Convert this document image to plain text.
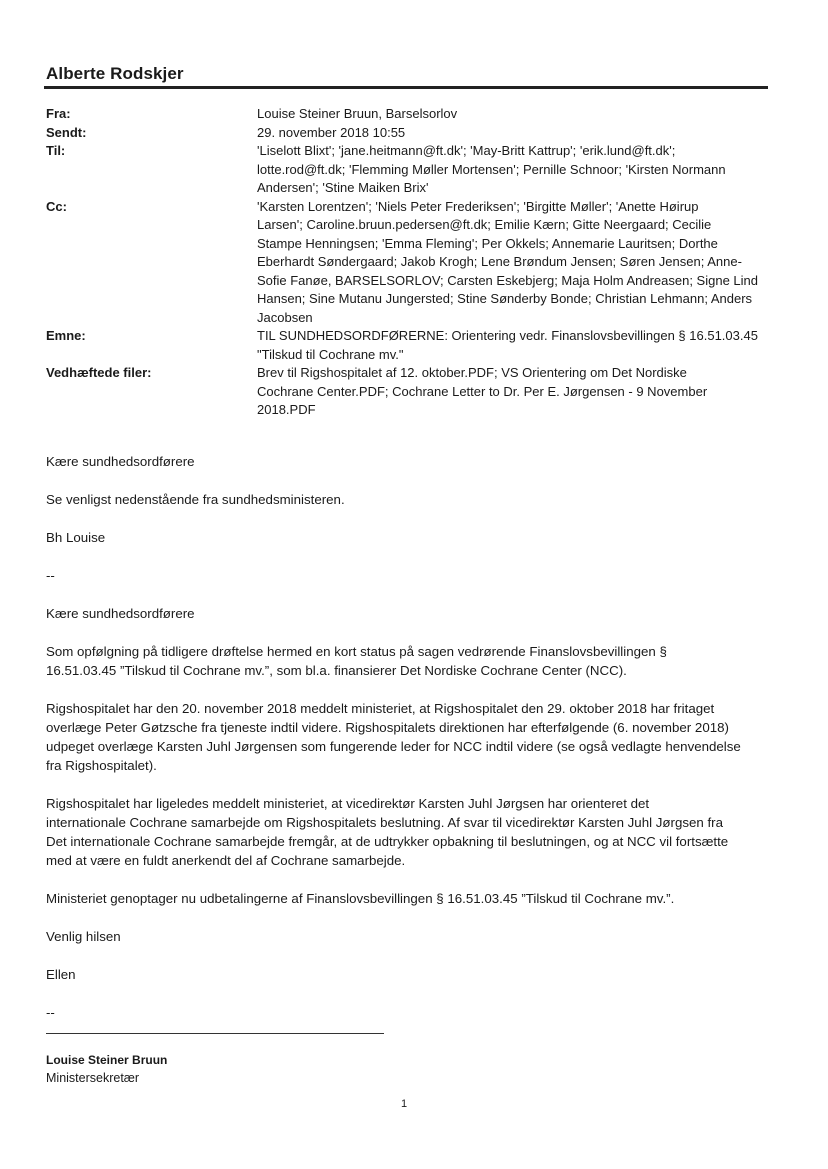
Alberte Rodskjer
Fra:	Louise Steiner Bruun, Barselsorlov
Sendt:	29. november 2018 10:55
Til:	'Liselott Blixt'; 'jane.heitmann@ft.dk'; 'May-Britt Kattrup'; 'erik.lund@ft.dk';
lotte.rod@ft.dk; 'Flemming Møller Mortensen'; Pernille Schnoor; 'Kirsten Normann
Andersen'; 'Stine Maiken Brix'
Cc:	'Karsten Lorentzen'; 'Niels Peter Frederiksen'; 'Birgitte Møller'; 'Anette Høirup
Larsen'; Caroline.bruun.pedersen@ft.dk; Emilie Kærn; Gitte Neergaard; Cecilie
Stampe Henningsen; 'Emma Fleming'; Per Okkels; Annemarie Lauritsen; Dorthe
Eberhardt Søndergaard; Jakob Krogh; Lene Brøndum Jensen; Søren Jensen; Anne-
Sofie Fanøe, BARSELSORLOV; Carsten Eskebjerg; Maja Holm Andreasen; Signe Lind
Hansen; Sine Mutanu Jungersted; Stine Sønderby Bonde; Christian Lehmann; Anders
Jacobsen
Emne:	TIL SUNDHEDSORDFØRERNE: Orientering vedr. Finanslovsbevillingen § 16.51.03.45
"Tilskud til Cochrane mv."
Vedhæftede filer:	Brev til Rigshospitalet af 12. oktober.PDF; VS Orientering om Det Nordiske
Cochrane Center.PDF; Cochrane Letter to Dr. Per E. Jørgensen - 9 November
2018.PDF

Kære sundhedsordførere

Se venligst nedenstående fra sundhedsministeren.

Bh Louise

--

Kære sundhedsordførere

Som opfølgning på tidligere drøftelse hermed en kort status på sagen vedrørende Finanslovsbevillingen §

16.51.03.45 ”Tilskud til Cochrane mv.”, som bl.a. finansierer Det Nordiske Cochrane Center (NCC).

Rigshospitalet har den 20. november 2018 meddelt ministeriet, at Rigshospitalet den 29. oktober 2018 har fritaget

overlæge Peter Gøtzsche fra tjeneste indtil videre. Rigshospitalets direktionen har efterfølgende (6. november 2018)

udpeget overlæge Karsten Juhl Jørgensen som fungerende leder for NCC indtil videre (se også vedlagte henvendelse

fra Rigshospitalet).

Rigshospitalet har ligeledes meddelt ministeriet, at vicedirektør Karsten Juhl Jørgsen har orienteret det

internationale Cochrane samarbejde om Rigshospitalets beslutning. Af svar til vicedirektør Karsten Juhl Jørgsen fra

Det internationale Cochrane samarbejde fremgår, at de udtrykker opbakning til beslutningen, og at NCC vil fortsætte

med at være en fuldt anerkendt del af Cochrane samarbejde.

Ministeriet genoptager nu udbetalingerne af Finanslovsbevillingen § 16.51.03.45 ”Tilskud til Cochrane mv.”.

Venlig hilsen

Ellen

--

Louise Steiner Bruun
Ministersekretær
1
